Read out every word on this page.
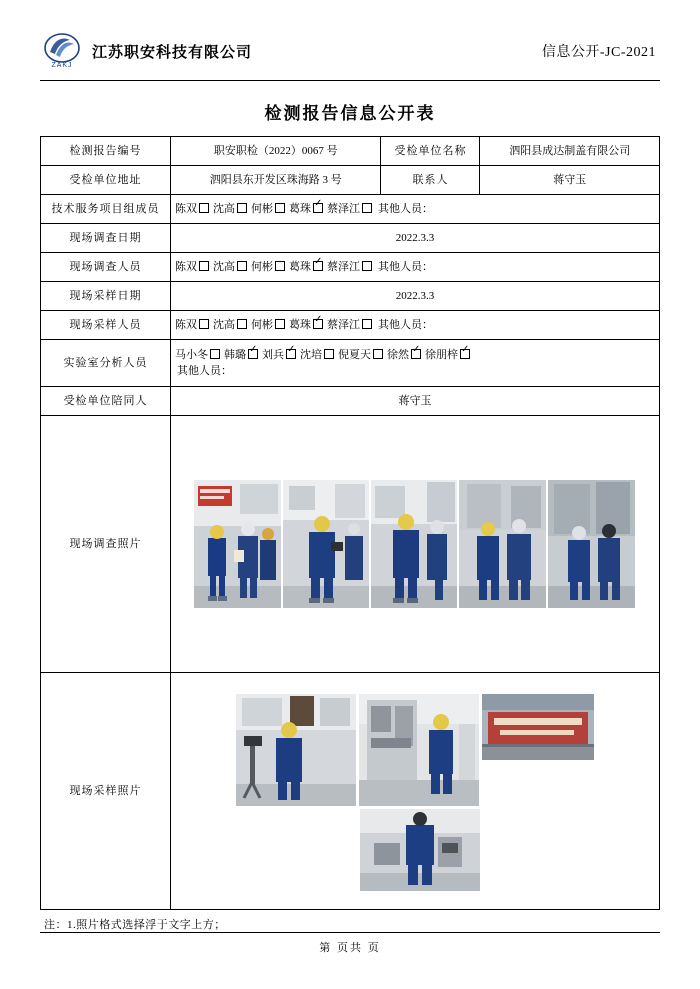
ZAKJ
江苏职安科技有限公司	信息公开-JC-2021
检测报告信息公开表
检测报告编号	职安职检（2022）0067 号	受检单位名称	泗阳县成达制盖有限公司
受检单位地址	泗阳县东开发区珠海路 3 号	联系人	蒋守玉
技术服务项目组成员	陈双 沈高 何彬 葛珠 ✓ 蔡泽江 其他人员：
现场调查日期	2022.3.3		
现场调查人员	陈双 沈高 何彬 葛珠 ✓ 蔡泽江 其他人员：
现场采样日期	2022.3.3		
现场采样人员	陈双 沈高 何彬 葛珠 ✓ 蔡泽江 其他人员：
实验室分析人员	马小冬 韩璐 ✓ 刘兵 ✓ 沈培 倪夏天 徐然 ✓ 徐朋梓✓
其他人员：
受检单位陪同人	蒋守玉		
现场调查照片	

现场采样照片	
注：1.照片格式选择浮于文字上方；
第 页共 页
